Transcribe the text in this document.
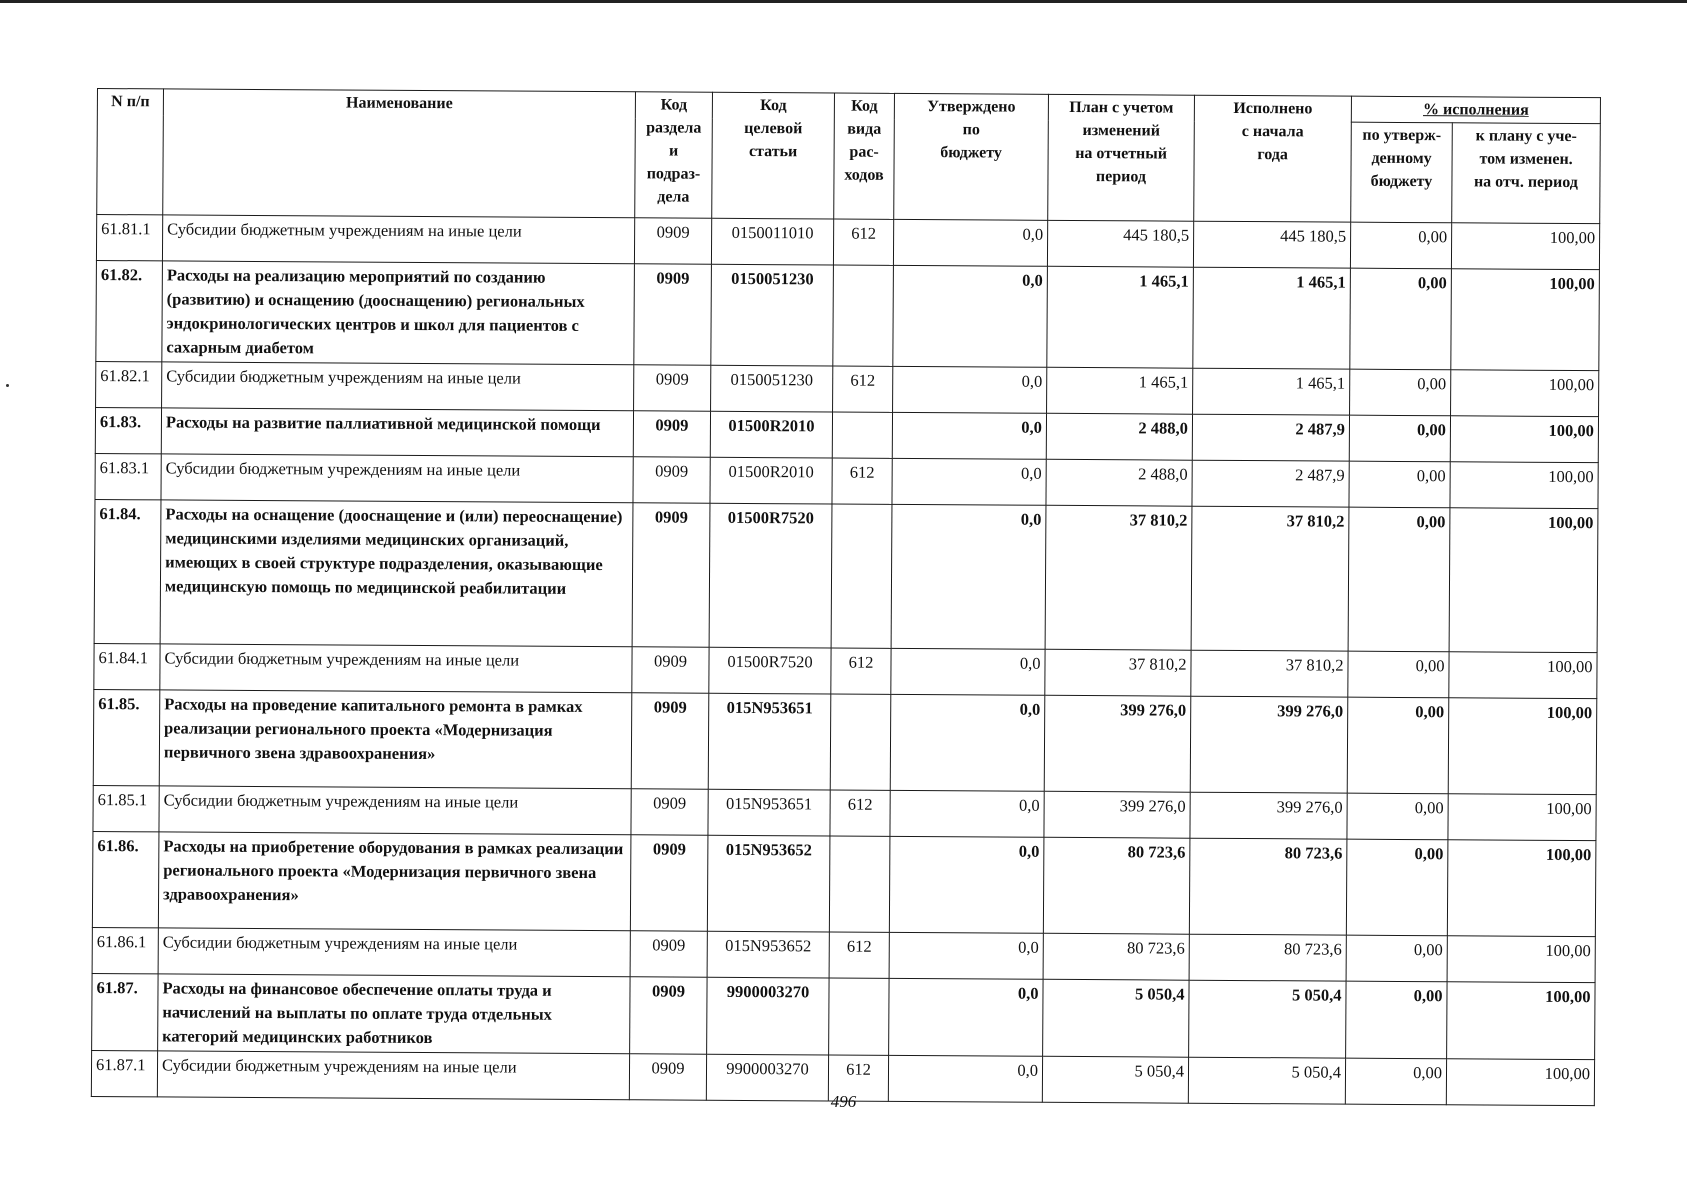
N п/п	Наименование	Код
раздела
и
подраз-
дела	Код
целевой
статьи	Код
вида
рас-
ходов	Утверждено
по
бюджету	План с учетом
изменений
на отчетный
период	Исполнено
с начала
года	% исполнения	

								по утверж-
денному
бюджету	к плану с уче-
том изменен.
на отч. период

61.81.1	Субсидии бюджетным учреждениям на иные цели	0909	0150011010	612	0,0	445 180,5	445 180,5	0,00	100,00
61.82.	Расходы на реализацию мероприятий по созданию (развитию) и оснащению (дооснащению) региональных эндокринологических центров и школ для пациентов с сахарным диабетом	0909	0150051230		0,0	1 465,1	1 465,1	0,00	100,00
61.82.1	Субсидии бюджетным учреждениям на иные цели	0909	0150051230	612	0,0	1 465,1	1 465,1	0,00	100,00
61.83.	Расходы на развитие паллиативной медицинской помощи	0909	01500R2010		0,0	2 488,0	2 487,9	0,00	100,00
61.83.1	Субсидии бюджетным учреждениям на иные цели	0909	01500R2010	612	0,0	2 488,0	2 487,9	0,00	100,00
61.84.	Расходы на оснащение (дооснащение и (или) переоснащение) медицинскими изделиями медицинских организаций, имеющих в своей структуре подразделения, оказывающие медицинскую помощь по медицинской реабилитации	0909	01500R7520		0,0	37 810,2	37 810,2	0,00	100,00
61.84.1	Субсидии бюджетным учреждениям на иные цели	0909	01500R7520	612	0,0	37 810,2	37 810,2	0,00	100,00
61.85.	Расходы на проведение капитального ремонта в рамках реализации регионального проекта «Модернизация первичного звена здравоохранения»	0909	015N953651		0,0	399 276,0	399 276,0	0,00	100,00
61.85.1	Субсидии бюджетным учреждениям на иные цели	0909	015N953651	612	0,0	399 276,0	399 276,0	0,00	100,00
61.86.	Расходы на приобретение оборудования в рамках реализации регионального проекта «Модернизация первичного звена здравоохранения»	0909	015N953652		0,0	80 723,6	80 723,6	0,00	100,00
61.86.1	Субсидии бюджетным учреждениям на иные цели	0909	015N953652	612	0,0	80 723,6	80 723,6	0,00	100,00
61.87.	Расходы на финансовое обеспечение оплаты труда и начислений на выплаты по оплате труда отдельных категорий медицинских работников	0909	9900003270		0,0	5 050,4	5 050,4	0,00	100,00
61.87.1	Субсидии бюджетным учреждениям на иные цели	0909	9900003270	612	0,0	5 050,4	5 050,4	0,00	100,00
496
